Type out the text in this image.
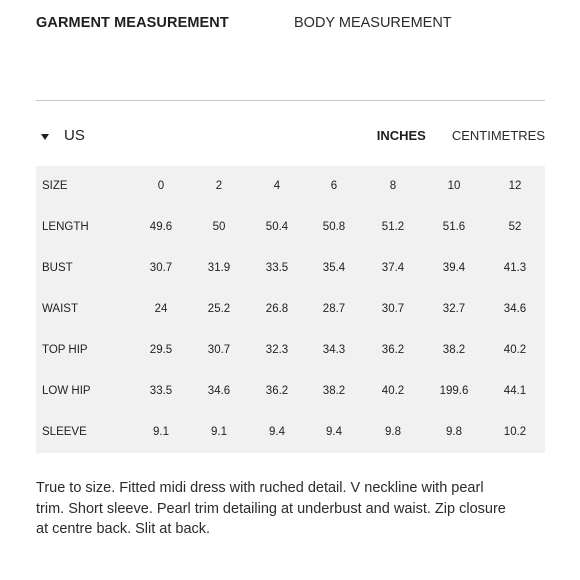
GARMENT MEASUREMENT	BODY MEASUREMENT
US	INCHES CENTIMETRES
SIZE	0	2	4	6	8	10	12
LENGTH	49.6	50	50.4	50.8	51.2	51.6	52
BUST	30.7	31.9	33.5	35.4	37.4	39.4	41.3
WAIST	24	25.2	26.8	28.7	30.7	32.7	34.6
TOP HIP	29.5	30.7	32.3	34.3	36.2	38.2	40.2
LOW HIP	33.5	34.6	36.2	38.2	40.2	199.6	44.1
SLEEVE	9.1	9.1	9.4	9.4	9.8	9.8	10.2
True to size. Fitted midi dress with ruched detail. V neckline with pearl trim. Short sleeve. Pearl trim detailing at underbust and waist. Zip closure at centre back. Slit at back.
